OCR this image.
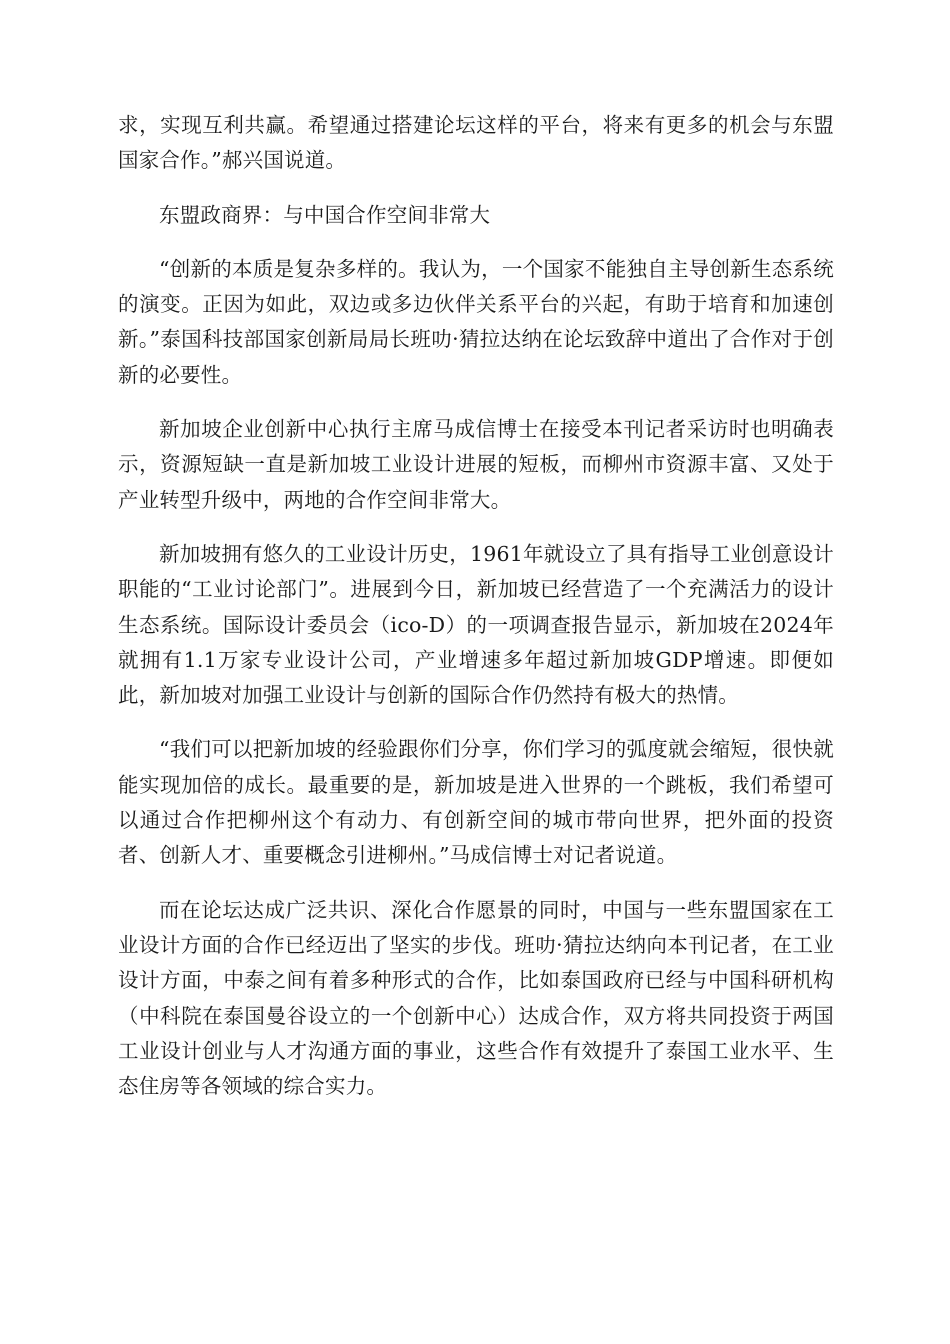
求，实现互利共赢。希望通过搭建论坛这样的平台，将来有更多的机会与东盟国家合作。”郝兴国说道。

东盟政商界：与中国合作空间非常大

“创新的本质是复杂多样的。我认为，一个国家不能独自主导创新生态系统的演变。正因为如此，双边或多边伙伴关系平台的兴起，有助于培育和加速创新。”泰国科技部国家创新局局长班叻·猜拉达纳在论坛致辞中道出了合作对于创新的必要性。

新加坡企业创新中心执行主席马成信博士在接受本刊记者采访时也明确表示，资源短缺一直是新加坡工业设计进展的短板，而柳州市资源丰富、又处于产业转型升级中，两地的合作空间非常大。

新加坡拥有悠久的工业设计历史，1961年就设立了具有指导工业创意设计职能的“工业讨论部门”。进展到今日，新加坡已经营造了一个充满活力的设计生态系统。国际设计委员会（ico-D）的一项调查报告显示，新加坡在2024年就拥有1.1万家专业设计公司，产业增速多年超过新加坡GDP增速。即便如此，新加坡对加强工业设计与创新的国际合作仍然持有极大的热情。

“我们可以把新加坡的经验跟你们分享，你们学习的弧度就会缩短，很快就能实现加倍的成长。最重要的是，新加坡是进入世界的一个跳板，我们希望可以通过合作把柳州这个有动力、有创新空间的城市带向世界，把外面的投资者、创新人才、重要概念引进柳州。”马成信博士对记者说道。

而在论坛达成广泛共识、深化合作愿景的同时，中国与一些东盟国家在工业设计方面的合作已经迈出了坚实的步伐。班叻·猜拉达纳向本刊记者，在工业设计方面，中泰之间有着多种形式的合作，比如泰国政府已经与中国科研机构（中科院在泰国曼谷设立的一个创新中心）达成合作，双方将共同投资于两国工业设计创业与人才沟通方面的事业，这些合作有效提升了泰国工业水平、生态住房等各领域的综合实力。
